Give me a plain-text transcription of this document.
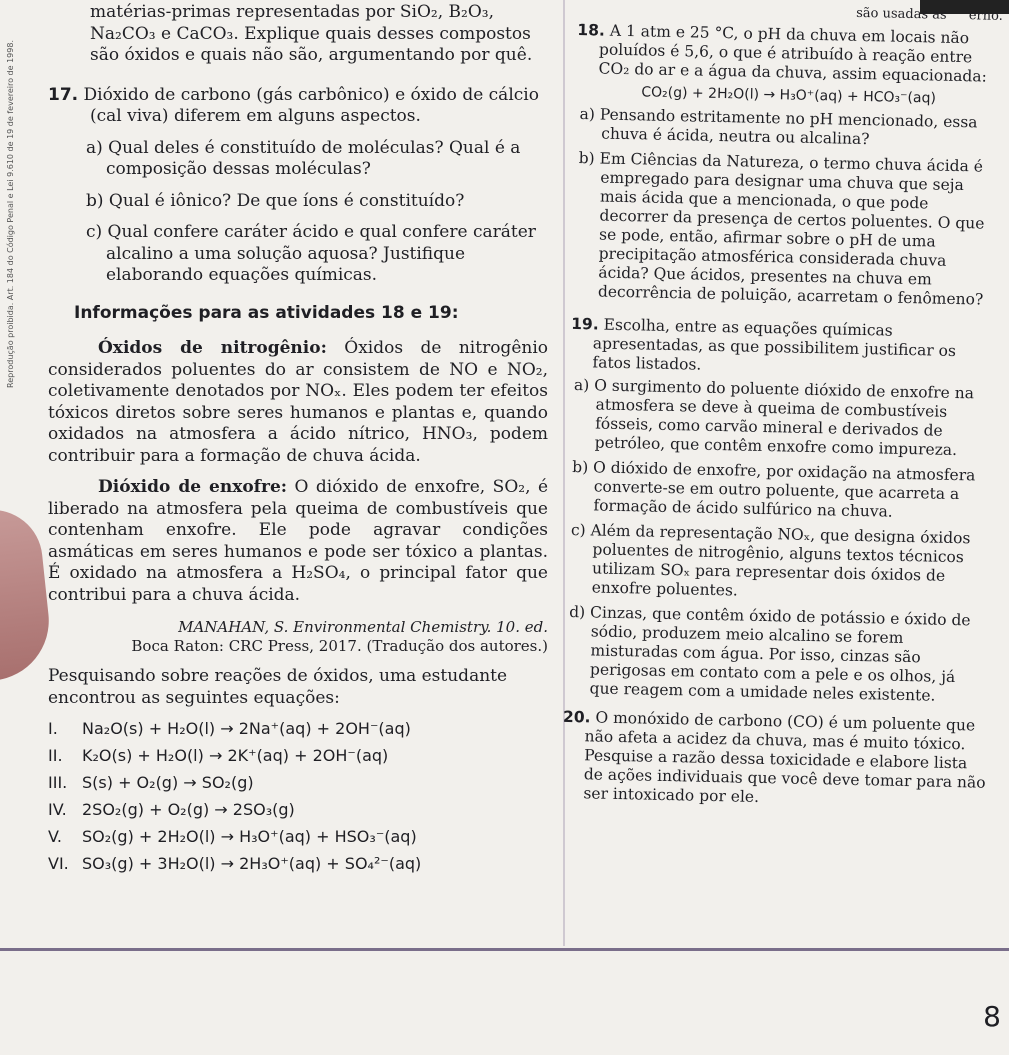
Reprodução proibida. Art. 184 do Código Penal e Lei 9.610 de 19 de fevereiro de 1998.

matérias-primas representadas por SiO₂, B₂O₃,

Na₂CO₃ e CaCO₃. Explique quais desses compostos

são óxidos e quais não são, argumentando por quê.

17. Dióxido de carbono (gás carbônico) e óxido de cálcio (cal viva) diferem em alguns aspectos.

a) Qual deles é constituído de moléculas? Qual é a composição dessas moléculas?

b) Qual é iônico? De que íons é constituído?

c) Qual confere caráter ácido e qual confere caráter alcalino a uma solução aquosa? Justifique elaborando equações químicas.

Informações para as atividades 18 e 19:

Óxidos de nitrogênio: Óxidos de nitrogênio considerados poluentes do ar consistem de NO e NO₂, coletivamente denotados por NOₓ. Eles podem ter efeitos tóxicos diretos sobre seres humanos e plantas e, quando oxidados na atmosfera a ácido nítrico, HNO₃, podem contribuir para a formação de chuva ácida.

Dióxido de enxofre: O dióxido de enxofre, SO₂, é liberado na atmosfera pela queima de combustíveis que contenham enxofre. Ele pode agravar condições asmáticas em seres humanos e pode ser tóxico a plantas. É oxidado na atmosfera a H₂SO₄, o principal fator que contribui para a chuva ácida.

MANAHAN, S. Environmental Chemistry. 10. ed.
Boca Raton: CRC Press, 2017. (Tradução dos autores.)

Pesquisando sobre reações de óxidos, uma estudante encontrou as seguintes equações:

I. Na₂O(s) + H₂O(l) → 2Na⁺(aq) + 2OH⁻(aq)
II. K₂O(s) + H₂O(l) → 2K⁺(aq) + 2OH⁻(aq)
III. S(s) + O₂(g) → SO₂(g)
IV. 2SO₂(g) + O₂(g) → 2SO₃(g)
V. SO₂(g) + 2H₂O(l) → H₃O⁺(aq) + HSO₃⁻(aq)
VI. SO₃(g) + 3H₂O(l) → 2H₃O⁺(aq) + SO₄²⁻(aq)

são usadas as erno.

18. A 1 atm e 25 °C, o pH da chuva em locais não poluídos é 5,6, o que é atribuído à reação entre CO₂ do ar e a água da chuva, assim equacionada:

CO₂(g) + 2H₂O(l) → H₃O⁺(aq) + HCO₃⁻(aq)

a) Pensando estritamente no pH mencionado, essa chuva é ácida, neutra ou alcalina?

b) Em Ciências da Natureza, o termo chuva ácida é empregado para designar uma chuva que seja mais ácida que a mencionada, o que pode decorrer da presença de certos poluentes. O que se pode, então, afirmar sobre o pH de uma precipitação atmosférica considerada chuva ácida? Que ácidos, presentes na chuva em decorrência de poluição, acarretam o fenômeno?

19. Escolha, entre as equações químicas apresentadas, as que possibilitem justificar os fatos listados.

a) O surgimento do poluente dióxido de enxofre na atmosfera se deve à queima de combustíveis fósseis, como carvão mineral e derivados de petróleo, que contêm enxofre como impureza.

b) O dióxido de enxofre, por oxidação na atmosfera converte-se em outro poluente, que acarreta a formação de ácido sulfúrico na chuva.

c) Além da representação NOₓ, que designa óxidos poluentes de nitrogênio, alguns textos técnicos utilizam SOₓ para representar dois óxidos de enxofre poluentes.

d) Cinzas, que contêm óxido de potássio e óxido de sódio, produzem meio alcalino se forem misturadas com água. Por isso, cinzas são perigosas em contato com a pele e os olhos, já que reagem com a umidade neles existente.

20. O monóxido de carbono (CO) é um poluente que não afeta a acidez da chuva, mas é muito tóxico. Pesquise a razão dessa toxicidade e elabore lista de ações individuais que você deve tomar para não ser intoxicado por ele.

8
